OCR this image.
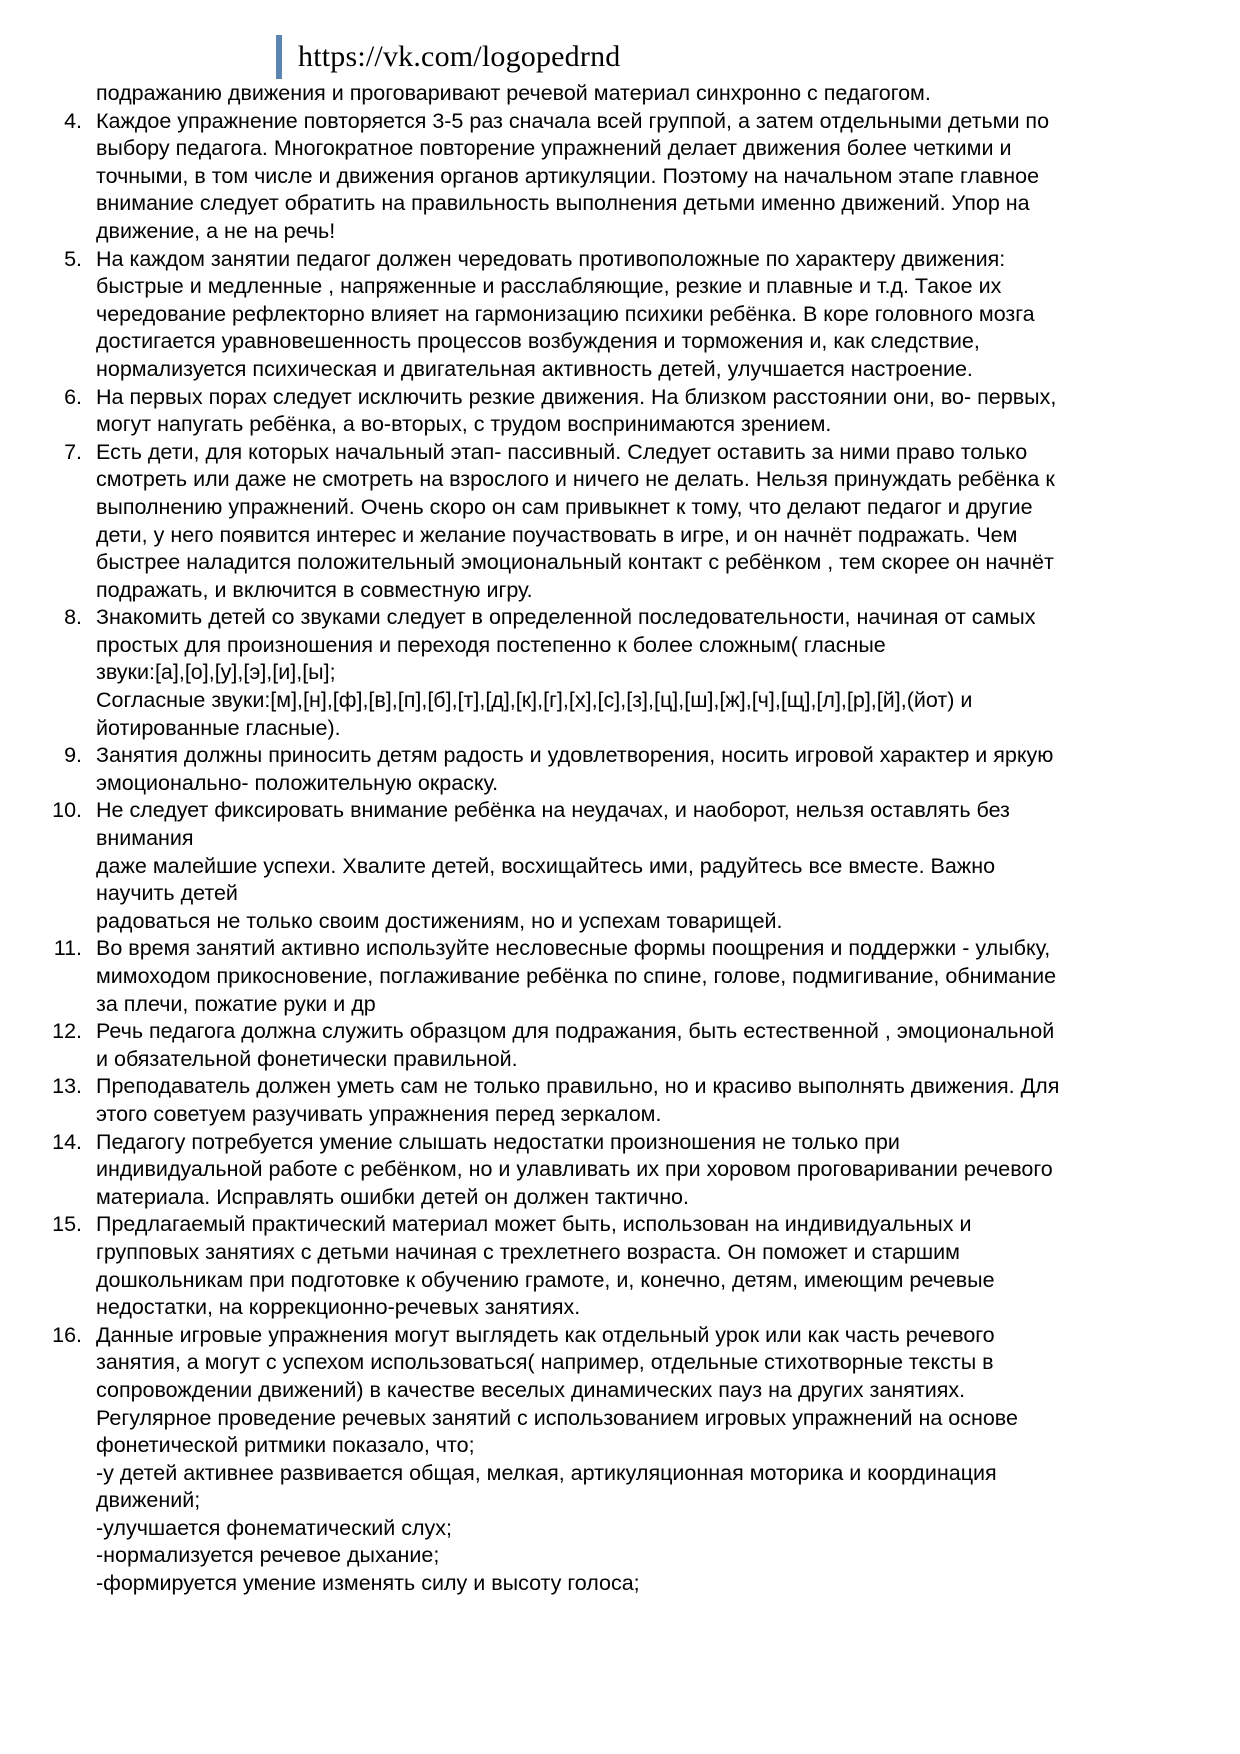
https://vk.com/logopedrnd
подражанию движения и проговаривают речевой материал синхронно с педагогом.
4. Каждое упражнение повторяется 3-5 раз сначала всей группой, а затем отдельными детьми по
выбору педагога. Многократное повторение упражнений делает движения более четкими и
точными, в том числе и движения органов артикуляции. Поэтому на начальном этапе главное
внимание следует обратить на правильность выполнения детьми именно движений. Упор на
движение, а не на речь!
5. На каждом занятии педагог должен чередовать противоположные по характеру движения:
быстрые и медленные , напряженные и расслабляющие, резкие и плавные и т.д. Такое их
чередование рефлекторно влияет на гармонизацию психики ребёнка. В коре головного мозга
достигается уравновешенность процессов возбуждения и торможения и, как следствие,
нормализуется психическая и двигательная активность детей, улучшается настроение.
6. На первых порах следует исключить резкие движения. На близком расстоянии они, во- первых,
могут напугать ребёнка, а во-вторых, с трудом воспринимаются зрением.
7. Есть дети, для которых начальный этап- пассивный. Следует оставить за ними право только
смотреть или даже не смотреть на взрослого и ничего не делать. Нельзя принуждать ребёнка к
выполнению упражнений. Очень скоро он сам привыкнет к тому, что делают педагог и другие
дети, у него появится интерес и желание поучаствовать в игре, и он начнёт подражать. Чем
быстрее наладится положительный эмоциональный контакт с ребёнком , тем скорее он начнёт
подражать, и включится в совместную игру.
8. Знакомить детей со звуками следует в определенной последовательности, начиная от самых
простых для произношения и переходя постепенно к более сложным( гласные
звуки:[а],[о],[у],[э],[и],[ы];
Согласные звуки:[м],[н],[ф],[в],[п],[б],[т],[д],[к],[г],[х],[с],[з],[ц],[ш],[ж],[ч],[щ],[л],[р],[й],(йот) и
йотированные гласные).
9. Занятия должны приносить детям радость и удовлетворения, носить игровой характер и яркую
эмоционально- положительную окраску.
10. Не следует фиксировать внимание ребёнка на неудачах, и наоборот, нельзя оставлять без
внимания
даже малейшие успехи. Хвалите детей, восхищайтесь ими, радуйтесь все вместе. Важно
научить детей
радоваться не только своим достижениям, но и успехам товарищей.
11. Во время занятий активно используйте несловесные формы поощрения и поддержки - улыбку,
мимоходом прикосновение, поглаживание ребёнка по спине, голове, подмигивание, обнимание
за плечи, пожатие руки и др
12. Речь педагога должна служить образцом для подражания, быть естественной , эмоциональной
и обязательной фонетически правильной.
13. Преподаватель должен уметь сам не только правильно, но и красиво выполнять движения. Для
этого советуем разучивать упражнения перед зеркалом.
14. Педагогу потребуется умение слышать недостатки произношения не только при
индивидуальной работе с ребёнком, но и улавливать их при хоровом проговаривании речевого
материала. Исправлять ошибки детей он должен тактично.
15. Предлагаемый практический материал может быть, использован на индивидуальных и
групповых занятиях с детьми начиная с трехлетнего возраста. Он поможет и старшим
дошкольникам при подготовке к обучению грамоте, и, конечно, детям, имеющим речевые
недостатки, на коррекционно-речевых занятиях.
16. Данные игровые упражнения могут выглядеть как отдельный урок или как часть речевого
занятия, а могут с успехом использоваться( например, отдельные стихотворные тексты в
сопровождении движений) в качестве веселых динамических пауз на других занятиях.
Регулярное проведение речевых занятий с использованием игровых упражнений на основе
фонетической ритмики показало, что;
-у детей активнее развивается общая, мелкая, артикуляционная моторика и координация
движений;
-улучшается фонематический слух;
-нормализуется речевое дыхание;
-формируется умение изменять силу и высоту голоса;
